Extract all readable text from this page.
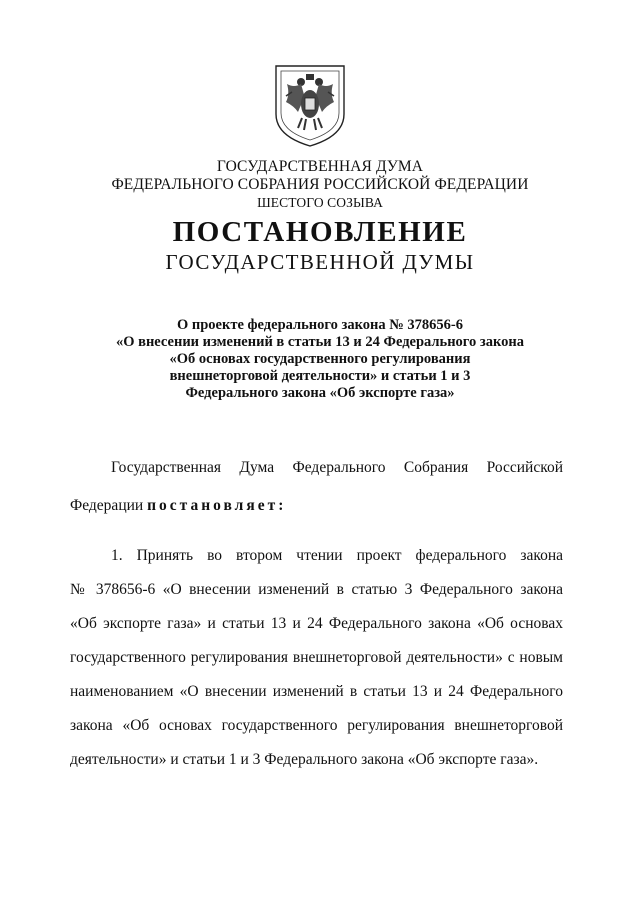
ГОСУДАРСТВЕННАЯ ДУМА
ФЕДЕРАЛЬНОГО СОБРАНИЯ РОССИЙСКОЙ ФЕДЕРАЦИИ
ШЕСТОГО СОЗЫВА
ПОСТАНОВЛЕНИЕ
ГОСУДАРСТВЕННОЙ ДУМЫ
О проекте федерального закона № 378656-6
«О внесении изменений в статьи 13 и 24 Федерального закона
«Об основах государственного регулирования
внешнеторговой деятельности» и статьи 1 и 3
Федерального закона «Об экспорте газа»
Государственная Дума Федерального Собрания Российской
Федерации постановляет:
1. Принять во втором чтении проект федерального закона
№ 378656-6 «О внесении изменений в статью 3 Федерального закона
«Об экспорте газа» и статьи 13 и 24 Федерального закона «Об основах
государственного регулирования внешнеторговой деятельности» с новым
наименованием «О внесении изменений в статьи 13 и 24 Федерального
закона «Об основах государственного регулирования внешнеторговой
деятельности» и статьи 1 и 3 Федерального закона «Об экспорте газа».
